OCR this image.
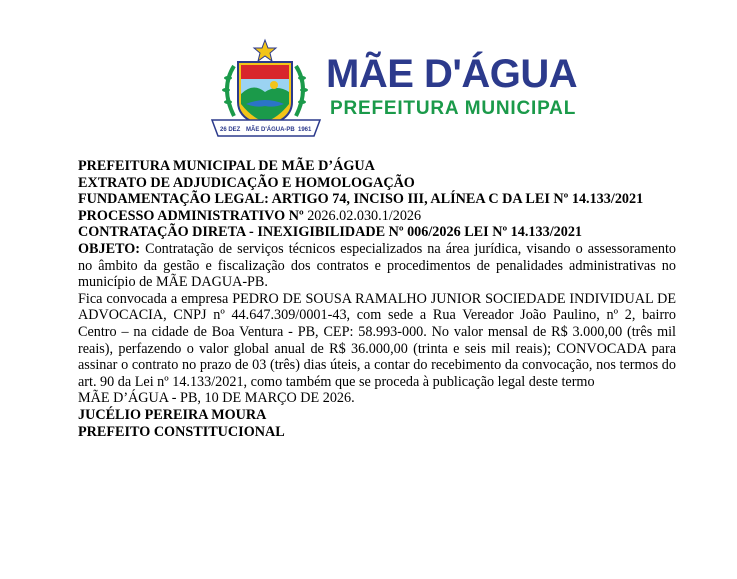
26 DEZ MÃE D'ÁGUA-PB 1961
MÃE D'ÁGUA
PREFEITURA MUNICIPAL

PREFEITURA MUNICIPAL DE MÃE D’ÁGUA

EXTRATO DE ADJUDICAÇÃO E HOMOLOGAÇÃO

FUNDAMENTAÇÃO LEGAL: ARTIGO 74, INCISO III, ALÍNEA C DA LEI Nº 14.133/2021

PROCESSO ADMINISTRATIVO Nº 2026.02.030.1/2026

CONTRATAÇÃO DIRETA - INEXIGIBILIDADE Nº 006/2026 LEI Nº 14.133/2021

OBJETO: Contratação de serviços técnicos especializados na área jurídica, visando o assessoramento no âmbito da gestão e fiscalização dos contratos e procedimentos de penalidades administrativas no município de MÃE DAGUA-PB.

Fica convocada a empresa PEDRO DE SOUSA RAMALHO JUNIOR SOCIEDADE INDIVIDUAL DE ADVOCACIA, CNPJ nº 44.647.309/0001-43, com sede a Rua Vereador João Paulino, nº 2, bairro Centro – na cidade de Boa Ventura - PB, CEP: 58.993-000. No valor mensal de R$ 3.000,00 (três mil reais), perfazendo o valor global anual de R$ 36.000,00 (trinta e seis mil reais); CONVOCADA para assinar o contrato no prazo de 03 (três) dias úteis, a contar do recebimento da convocação, nos termos do art. 90 da Lei nº 14.133/2021, como também que se proceda à publicação legal deste termo

MÃE D’ÁGUA - PB, 10 DE MARÇO DE 2026.

JUCÉLIO PEREIRA MOURA

PREFEITO CONSTITUCIONAL
